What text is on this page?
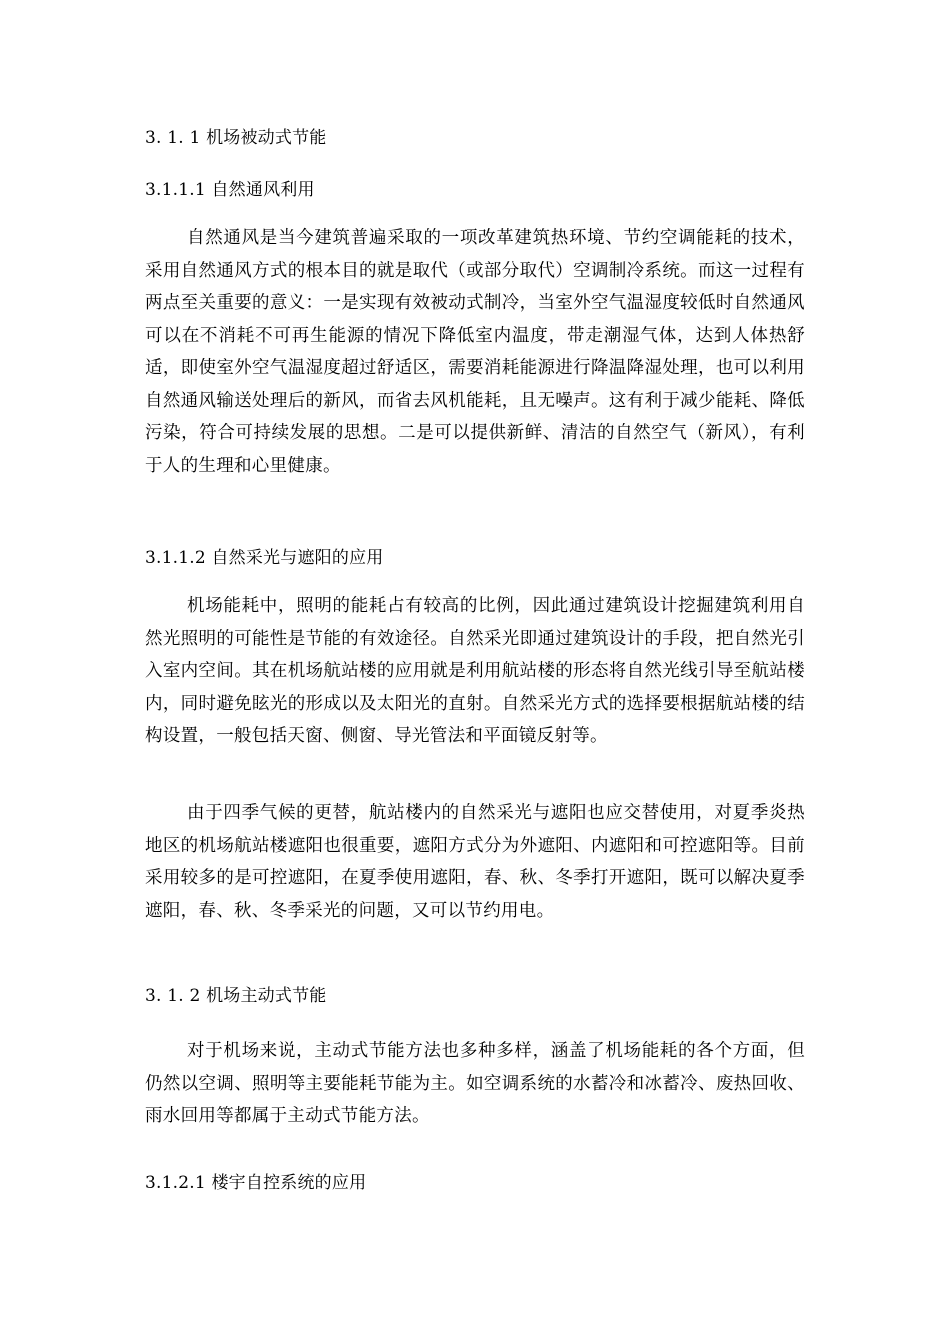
3. 1. 1 机场被动式节能
3.1.1.1 自然通风利用
自然通风是当今建筑普遍采取的一项改革建筑热环境、节约空调能耗的技术，采用自然通风方式的根本目的就是取代（或部分取代）空调制冷系统。而这一过程有两点至关重要的意义：一是实现有效被动式制冷，当室外空气温湿度较低时自然通风可以在不消耗不可再生能源的情况下降低室内温度，带走潮湿气体，达到人体热舒适，即使室外空气温湿度超过舒适区，需要消耗能源进行降温降湿处理，也可以利用自然通风输送处理后的新风，而省去风机能耗，且无噪声。这有利于减少能耗、降低污染，符合可持续发展的思想。二是可以提供新鲜、清洁的自然空气（新风），有利于人的生理和心里健康。
3.1.1.2 自然采光与遮阳的应用
机场能耗中，照明的能耗占有较高的比例，因此通过建筑设计挖掘建筑利用自然光照明的可能性是节能的有效途径。自然采光即通过建筑设计的手段，把自然光引入室内空间。其在机场航站楼的应用就是利用航站楼的形态将自然光线引导至航站楼内，同时避免眩光的形成以及太阳光的直射。自然采光方式的选择要根据航站楼的结构设置，一般包括天窗、侧窗、导光管法和平面镜反射等。
由于四季气候的更替，航站楼内的自然采光与遮阳也应交替使用，对夏季炎热地区的机场航站楼遮阳也很重要，遮阳方式分为外遮阳、内遮阳和可控遮阳等。目前采用较多的是可控遮阳，在夏季使用遮阳，春、秋、冬季打开遮阳，既可以解决夏季遮阳，春、秋、冬季采光的问题，又可以节约用电。
3. 1. 2 机场主动式节能
对于机场来说，主动式节能方法也多种多样，涵盖了机场能耗的各个方面，但仍然以空调、照明等主要能耗节能为主。如空调系统的水蓄冷和冰蓄冷、废热回收、雨水回用等都属于主动式节能方法。
3.1.2.1 楼宇自控系统的应用
